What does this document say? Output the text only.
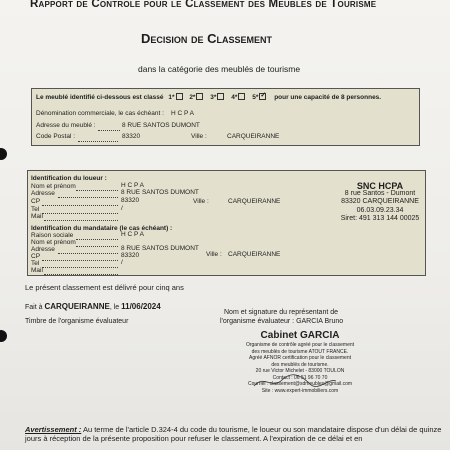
Rapport de Controle pour le Classement des Meubles de Tourisme
Decision de Classement
dans la catégorie des meublés de tourisme
Le meublé identifié ci-dessous est classé 1* 2* 3* 4* 5* ✓ pour une capacité de 8 personnes.
Dénomination commerciale, le cas échéant : H C P A
Adresse du meublé :	8 RUE SANTOS DUMONT
Code Postal :	83320	Ville :	CARQUEIRANNE
Identification du loueur :
Nom et prénom	H C P A
Adresse	8 RUE SANTOS DUMONT
CP	83320	Ville :	CARQUEIRANNE
Tel	/
Mail
Identification du mandataire (le cas échéant) :
Raison sociale	H C P A
Nom et prénom
Adresse	8 RUE SANTOS DUMONT
CP	83320	Ville : CARQUEIRANNE
Tel	/
Mail
SNC HCPA
8 rue Santos - Dumont
83320 CARQUEIRANNE
06.03.09.23.34
Siret: 491 313 144 00025
Le présent classement est délivré pour cinq ans
Fait à CARQUEIRANNE, le 11/06/2024
Timbre de l'organisme évaluateur
Nom et signature du représentant de
l'organisme évaluateur : GARCIA Bruno
Cabinet GARCIA
Organisme de contrôle agréé pour le classement
des meublés de tourisme ATOUT FRANCE.
Agréé AFNOR certification pour le classement
des meublés de tourisme.
20 rue Victor Michelet - 83000 TOULON
Contact : 06 51 96 70 70
Courriel : classement@sdmeubles@gmail.com
Site : www.expert-immobiliers.com
Avertissement : Au terme de l'article D.324-4 du code du tourisme, le loueur ou son mandataire dispose d'un délai de quinze jours à réception de la présente proposition pour refuser le classement. A l'expiration de ce délai et en
